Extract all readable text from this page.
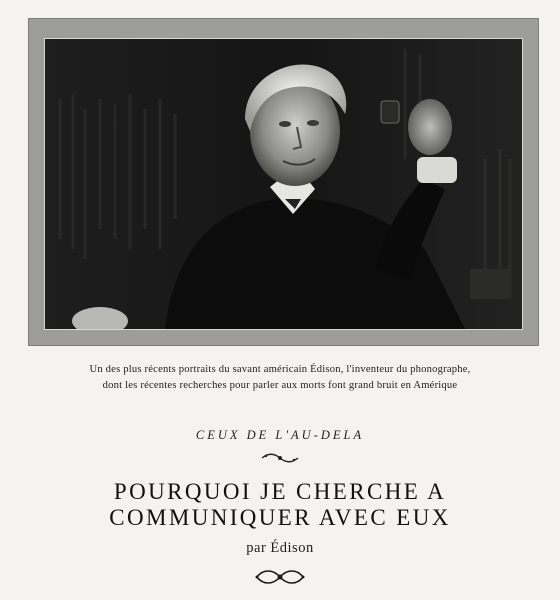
Un des plus récents portraits du savant américain Édison, l'inventeur du phonographe,
dont les récentes recherches pour parler aux morts font grand bruit en Amérique
CEUX DE L'AU-DELA
POURQUOI JE CHERCHE A
COMMUNIQUER AVEC EUX
par Édison
